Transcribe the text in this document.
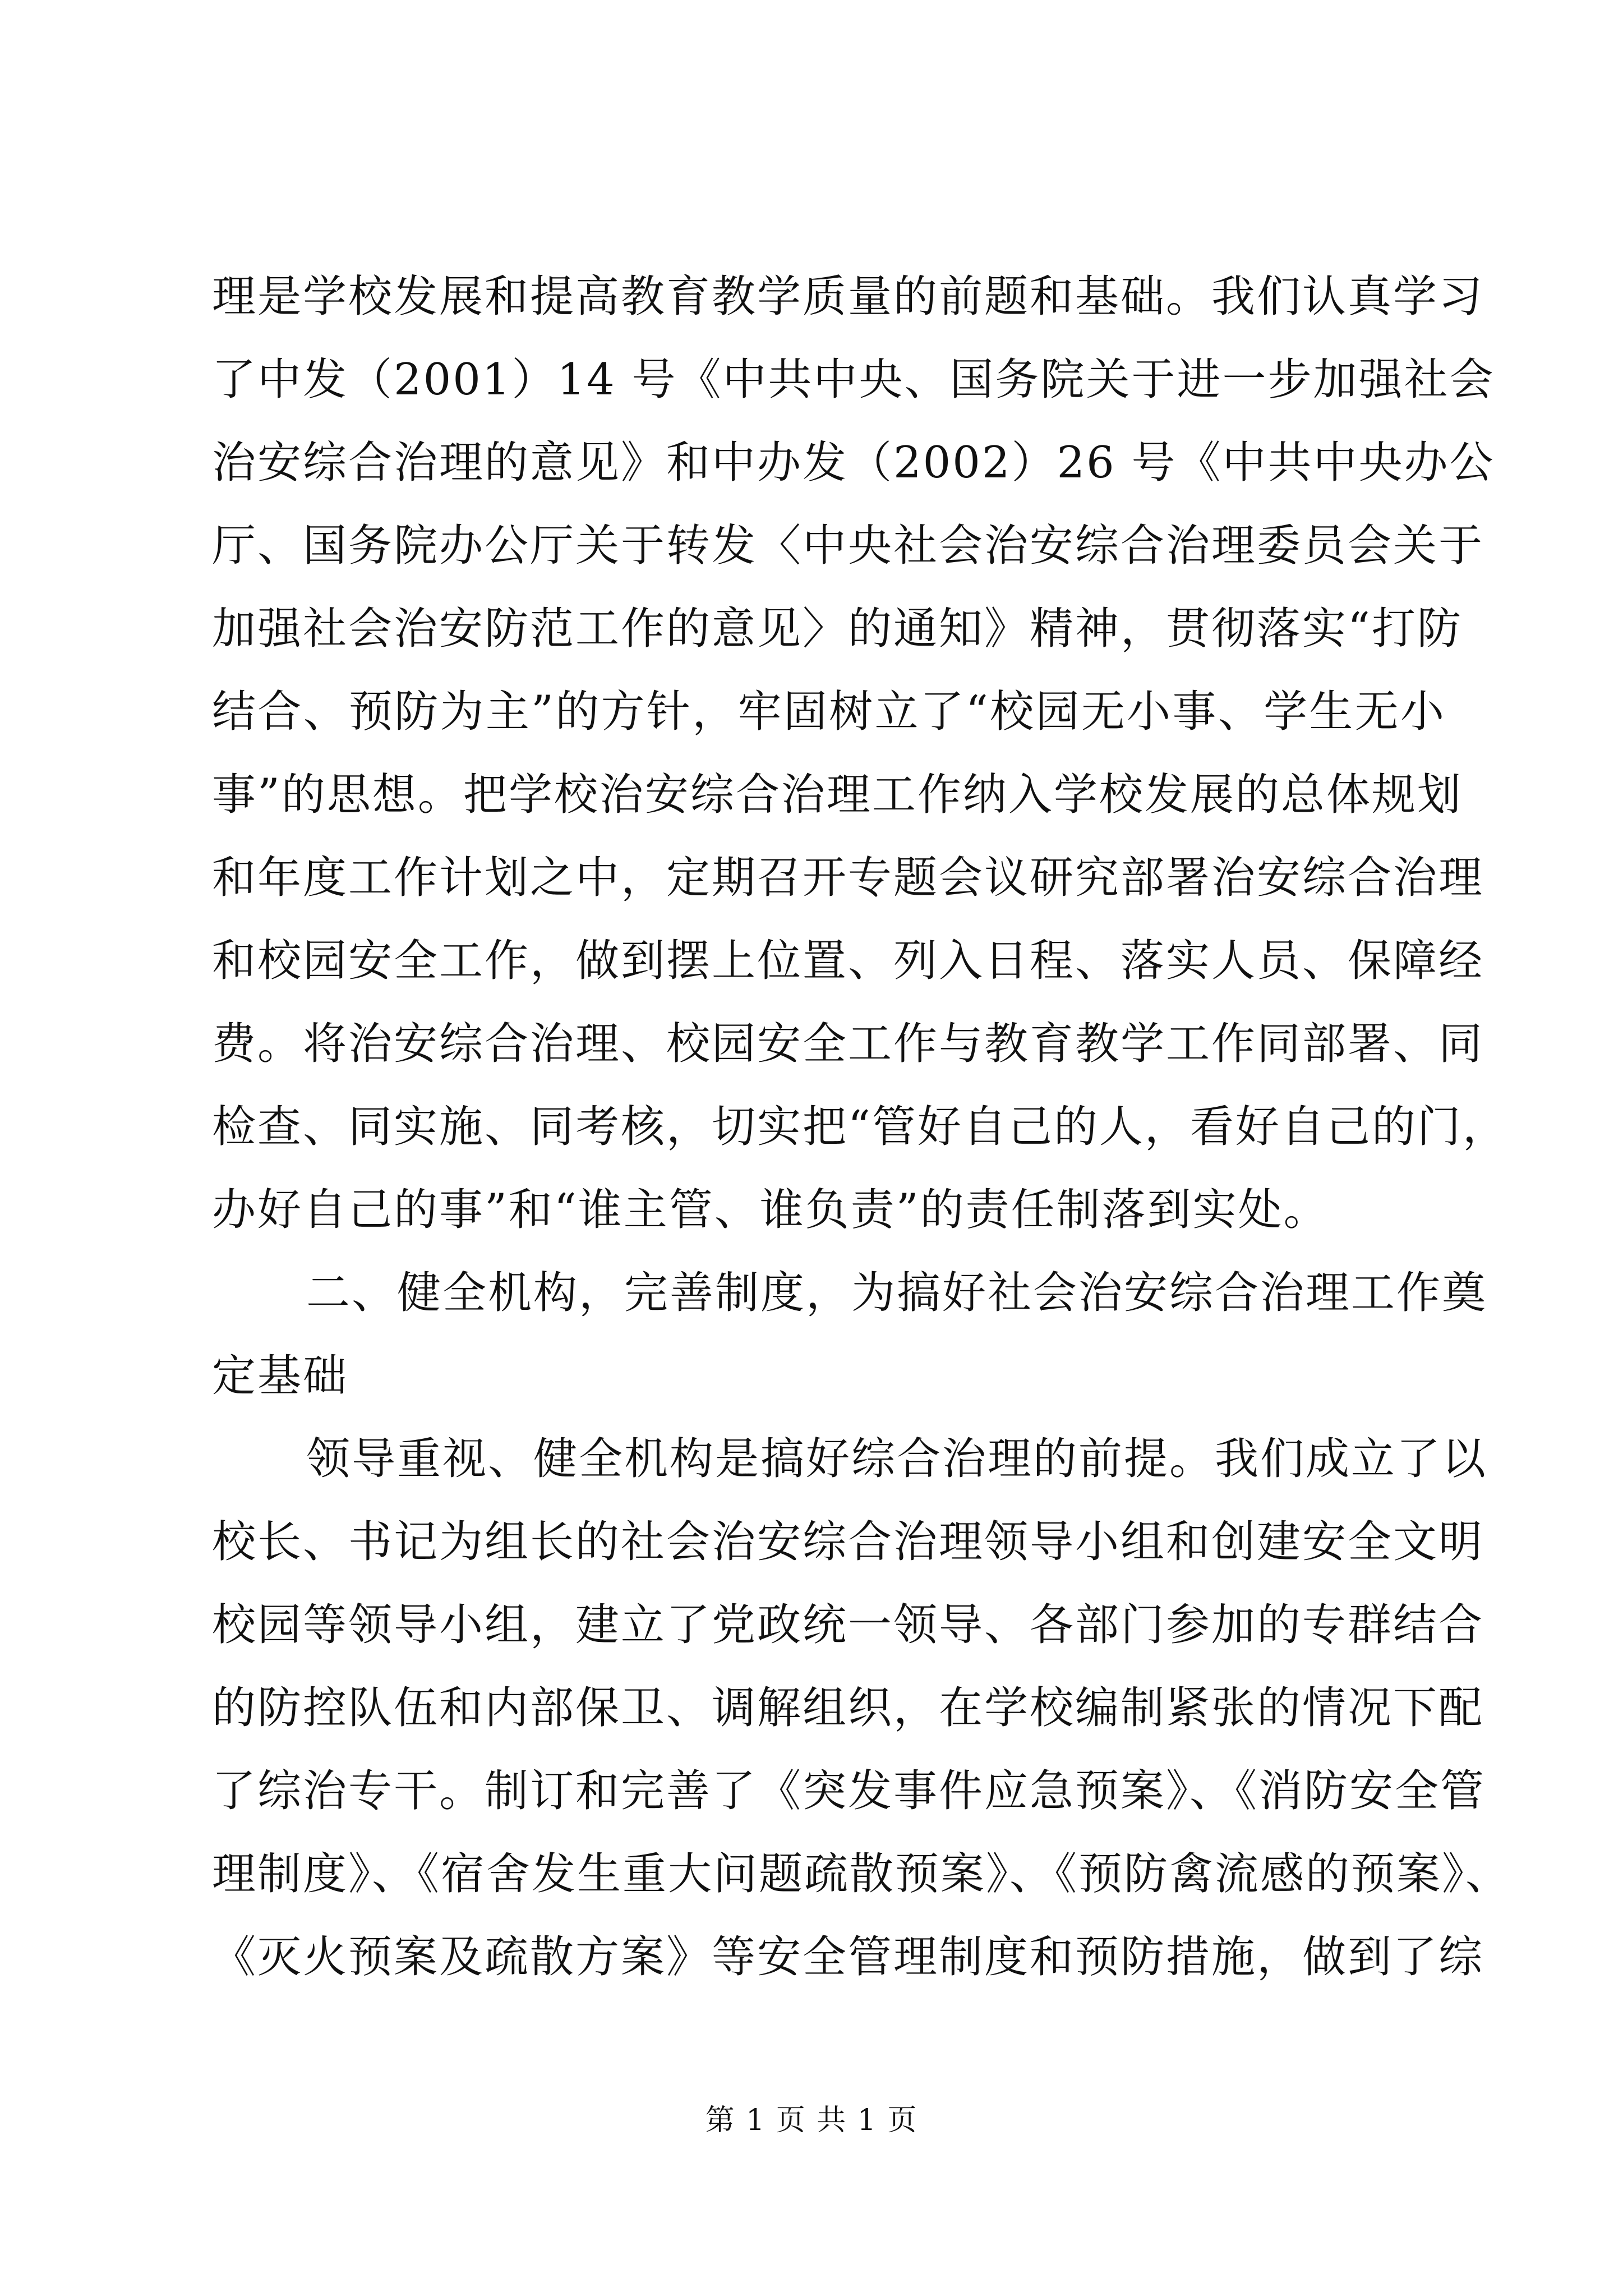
理是学校发展和提高教育教学质量的前题和基础。我们认真学习
了中发（2001）14 号《中共中央、国务院关于进一步加强社会
治安综合治理的意见》和中办发（2002）26 号《中共中央办公
厅、国务院办公厅关于转发〈中央社会治安综合治理委员会关于
加强社会治安防范工作的意见〉的通知》精神，贯彻落实“打防
结合、预防为主”的方针，牢固树立了“校园无小事、学生无小
事”的思想。把学校治安综合治理工作纳入学校发展的总体规划
和年度工作计划之中，定期召开专题会议研究部署治安综合治理
和校园安全工作，做到摆上位置、列入日程、落实人员、保障经
费。将治安综合治理、校园安全工作与教育教学工作同部署、同
检查、同实施、同考核，切实把“管好自己的人，看好自己的门，
办好自己的事”和“谁主管、谁负责”的责任制落到实处。
二、健全机构，完善制度，为搞好社会治安综合治理工作奠
定基础
领导重视、健全机构是搞好综合治理的前提。我们成立了以
校长、书记为组长的社会治安综合治理领导小组和创建安全文明
校园等领导小组，建立了党政统一领导、各部门参加的专群结合
的防控队伍和内部保卫、调解组织，在学校编制紧张的情况下配
了综治专干。制订和完善了《突发事件应急预案》、《消防安全管
理制度》、《宿舍发生重大问题疏散预案》、《预防禽流感的预案》、
《灭火预案及疏散方案》等安全管理制度和预防措施，做到了综
第 1 页 共 1 页
